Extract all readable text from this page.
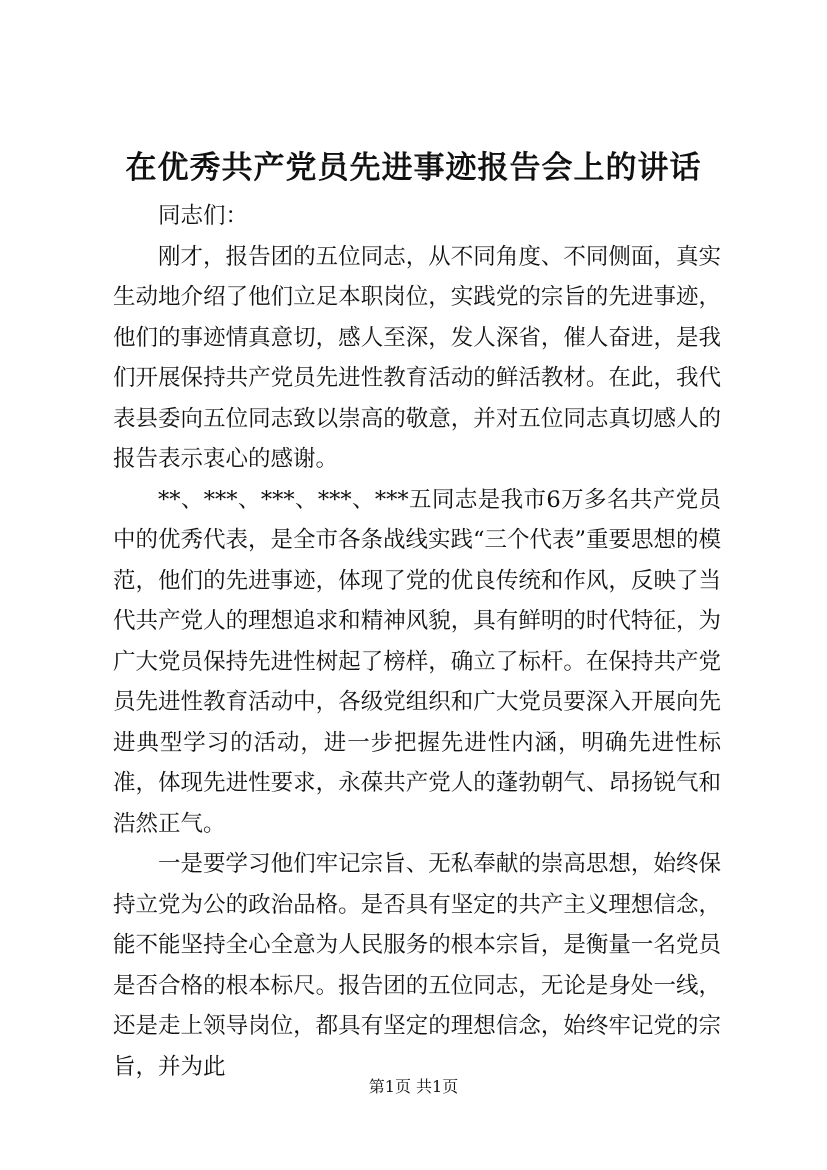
在优秀共产党员先进事迹报告会上的讲话

同志们：

刚才，报告团的五位同志，从不同角度、不同侧面，真实生动地介绍了他们立足本职岗位，实践党的宗旨的先进事迹，他们的事迹情真意切，感人至深，发人深省，催人奋进，是我们开展保持共产党员先进性教育活动的鲜活教材。在此，我代表县委向五位同志致以崇高的敬意，并对五位同志真切感人的报告表示衷心的感谢。

**、***、***、***、***五同志是我市6万多名共产党员中的优秀代表，是全市各条战线实践“三个代表”重要思想的模范，他们的先进事迹，体现了党的优良传统和作风，反映了当代共产党人的理想追求和精神风貌，具有鲜明的时代特征，为广大党员保持先进性树起了榜样，确立了标杆。在保持共产党员先进性教育活动中，各级党组织和广大党员要深入开展向先进典型学习的活动，进一步把握先进性内涵，明确先进性标准，体现先进性要求，永葆共产党人的蓬勃朝气、昂扬锐气和浩然正气。

一是要学习他们牢记宗旨、无私奉献的崇高思想，始终保持立党为公的政治品格。是否具有坚定的共产主义理想信念，能不能坚持全心全意为人民服务的根本宗旨，是衡量一名党员是否合格的根本标尺。报告团的五位同志，无论是身处一线，还是走上领导岗位，都具有坚定的理想信念，始终牢记党的宗旨，并为此

第1页 共1页
